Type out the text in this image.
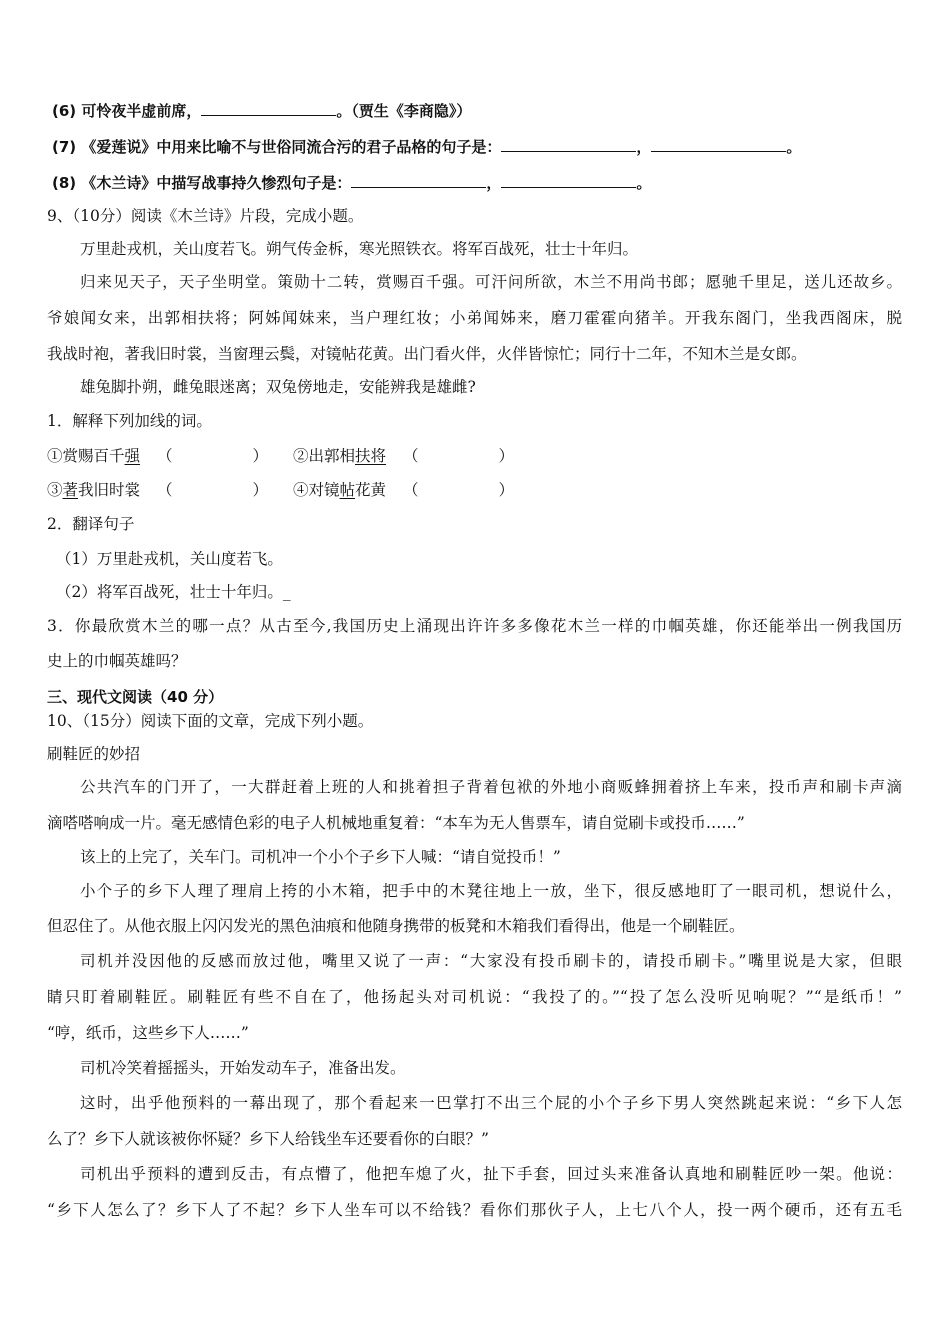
(6) 可怜夜半虚前席，	。（贾生《李商隐》）
(7) 《爱莲说》中用来比喻不与世俗同流合污的君子品格的句子是：	，	。
(8) 《木兰诗》中描写战事持久惨烈句子是：	，	。
9、（10分）阅读《木兰诗》片段，完成小题。
万里赴戎机，关山度若飞。朔气传金柝，寒光照铁衣。将军百战死，壮士十年归。
归来见天子，天子坐明堂。策勋十二转，赏赐百千强。可汗问所欲，木兰不用尚书郎；愿驰千里足，送儿还故乡。
爷娘闻女来，出郭相扶将；阿姊闻妹来，当户理红妆；小弟闻姊来，磨刀霍霍向猪羊。开我东阁门，坐我西阁床，脱
我战时袍，著我旧时裳，当窗理云鬓，对镜帖花黄。出门看火伴，火伴皆惊忙；同行十二年，不知木兰是女郎。
雄兔脚扑朔，雌兔眼迷离；双兔傍地走，安能辨我是雄雌?
1．解释下列加线的词。
①赏赐百千强 （	） ②出郭相扶将 （	）
③著我旧时裳 （	） ④对镜帖花黄 （	）
2．翻译句子
（1）万里赴戎机，关山度若飞。
（2）将军百战死，壮士十年归。_
3．你最欣赏木兰的哪一点？从古至今,我国历史上涌现出许许多多像花木兰一样的巾帼英雄，你还能举出一例我国历
史上的巾帼英雄吗？
三、现代文阅读（40 分）
10、（15分）阅读下面的文章，完成下列小题。
刷鞋匠的妙招
公共汽车的门开了，一大群赶着上班的人和挑着担子背着包袱的外地小商贩蜂拥着挤上车来，投币声和刷卡声滴
滴嗒嗒响成一片。毫无感情色彩的电子人机械地重复着：“本车为无人售票车，请自觉刷卡或投币……”
该上的上完了，关车门。司机冲一个小个子乡下人喊：“请自觉投币！”
小个子的乡下人理了理肩上挎的小木箱，把手中的木凳往地上一放，坐下，很反感地盯了一眼司机，想说什么，
但忍住了。从他衣服上闪闪发光的黑色油痕和他随身携带的板凳和木箱我们看得出，他是一个刷鞋匠。
司机并没因他的反感而放过他，嘴里又说了一声：“大家没有投币刷卡的，请投币刷卡。”嘴里说是大家，但眼
睛只盯着刷鞋匠。刷鞋匠有些不自在了，他扬起头对司机说：“我投了的。”“投了怎么没听见响呢？”“是纸币！”
“哼，纸币，这些乡下人……”
司机冷笑着摇摇头，开始发动车子，准备出发。
这时，出乎他预料的一幕出现了，那个看起来一巴掌打不出三个屁的小个子乡下男人突然跳起来说：“乡下人怎
么了？乡下人就该被你怀疑？乡下人给钱坐车还要看你的白眼？”
司机出乎预料的遭到反击，有点懵了，他把车熄了火，扯下手套，回过头来准备认真地和刷鞋匠吵一架。他说：
“乡下人怎么了？乡下人了不起？乡下人坐车可以不给钱？看你们那伙子人，上七八个人，投一两个硬币，还有五毛
